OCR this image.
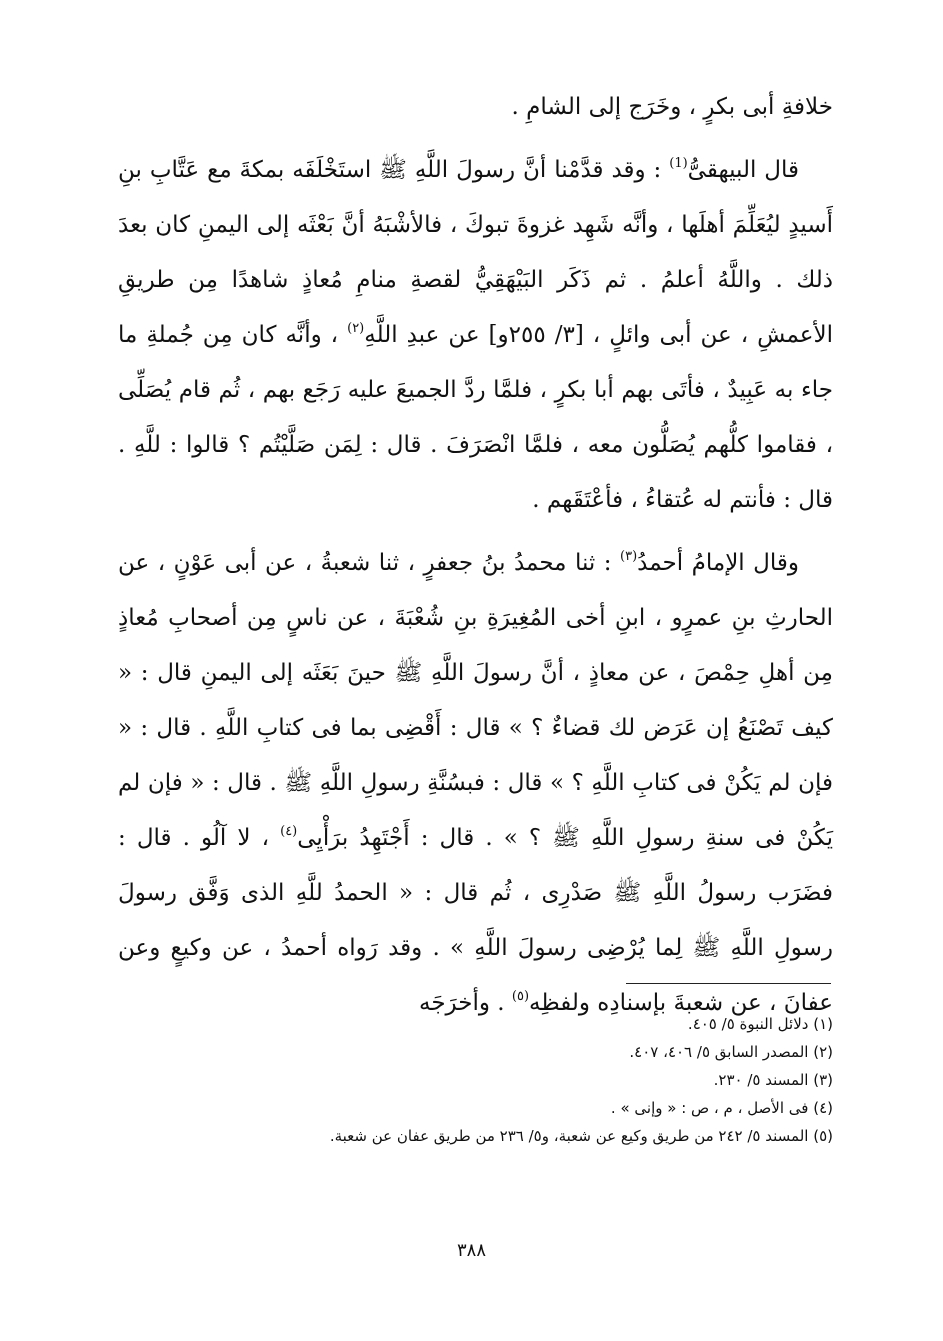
خلافةِ أبى بكرٍ ، وخَرَج إلى الشامِ .

قال البيهقىُّ$^{(1)}$ : وقد قدَّمْنا أنَّ رسولَ اللَّهِ ﷺ استَخْلَفَه بمكةَ مع عَتَّابِ بنِ أَسيدٍ ليُعَلِّمَ أهلَها ، وأنَّه شَهِد غزوةَ تبوكَ ، فالأشْبَهُ أنَّ بَعْثَه إلى اليمنِ كان بعدَ ذلك . واللَّهُ أعلمُ . ثم ذَكَر البَيْهَقِيُّ لقصةِ منامِ مُعاذٍ شاهدًا مِن طريقِ الأعمشِ ، عن أبى وائلٍ ، [٣/ ٢٥٥و] عن عبدِ اللَّهِ$^{(٢)}$ ، وأنَّه كان مِن جُملةِ ما جاء به عَبِيدٌ ، فأتَى بهم أبا بكرٍ ، فلمَّا ردَّ الجميعَ عليه رَجَع بهم ، ثُم قام يُصَلِّى ، فقاموا كلُّهم يُصَلُّون معه ، فلمَّا انْصَرَفَ . قال : لِمَن صَلَّيْتُم ؟ قالوا : للَّهِ . قال : فأنتم له عُتقاءُ ، فأعْتَقَهم .

وقال الإمامُ أحمدُ$^{(٣)}$ : ثنا محمدُ بنُ جعفرٍ ، ثنا شعبةُ ، عن أبى عَوْنٍ ، عن الحارثِ بنِ عمرٍو ، ابنِ أخى المُغِيرَةِ بنِ شُعْبَةَ ، عن ناسٍ مِن أصحابِ مُعاذٍ مِن أهلِ حِمْصَ ، عن معاذٍ ، أنَّ رسولَ اللَّهِ ﷺ حينَ بَعَثَه إلى اليمنِ قال : « كيف تَصْنَعُ إن عَرَض لك قضاءٌ ؟ » قال : أَقْضِى بما فى كتابِ اللَّهِ . قال : « فإن لم يَكُنْ فى كتابِ اللَّهِ ؟ » قال : فبسُنَّةِ رسولِ اللَّهِ ﷺ . قال : « فإن لم يَكُنْ فى سنةِ رسولِ اللَّهِ ﷺ ؟ » . قال : أَجْتَهِدُ برَأْيِى$^{(٤)}$ ، لا آلُو . قال : فضَرَب رسولُ اللَّهِ ﷺ صَدْرِى ، ثُم قال : « الحمدُ للَّهِ الذى وَفَّق رسولَ رسولِ اللَّهِ ﷺ لِما يُرْضِى رسولَ اللَّهِ » . وقد رَواه أحمدُ ، عن وكيعٍ وعن عفانَ ، عن شعبةَ بإسنادِه ولفظِه$^{(٥)}$ . وأخرَجَه

(١) دلائل النبوة ٥/ ٤٠٥.

(٢) المصدر السابق ٥/ ٤٠٦، ٤٠٧.

(٣) المسند ٥/ ٢٣٠.

(٤) فى الأصل ، م ، ص : « وإنى » .

(٥) المسند ٥/ ٢٤٢ من طريق وكيع عن شعبة، و٥/ ٢٣٦ من طريق عفان عن شعبة.

٣٨٨
